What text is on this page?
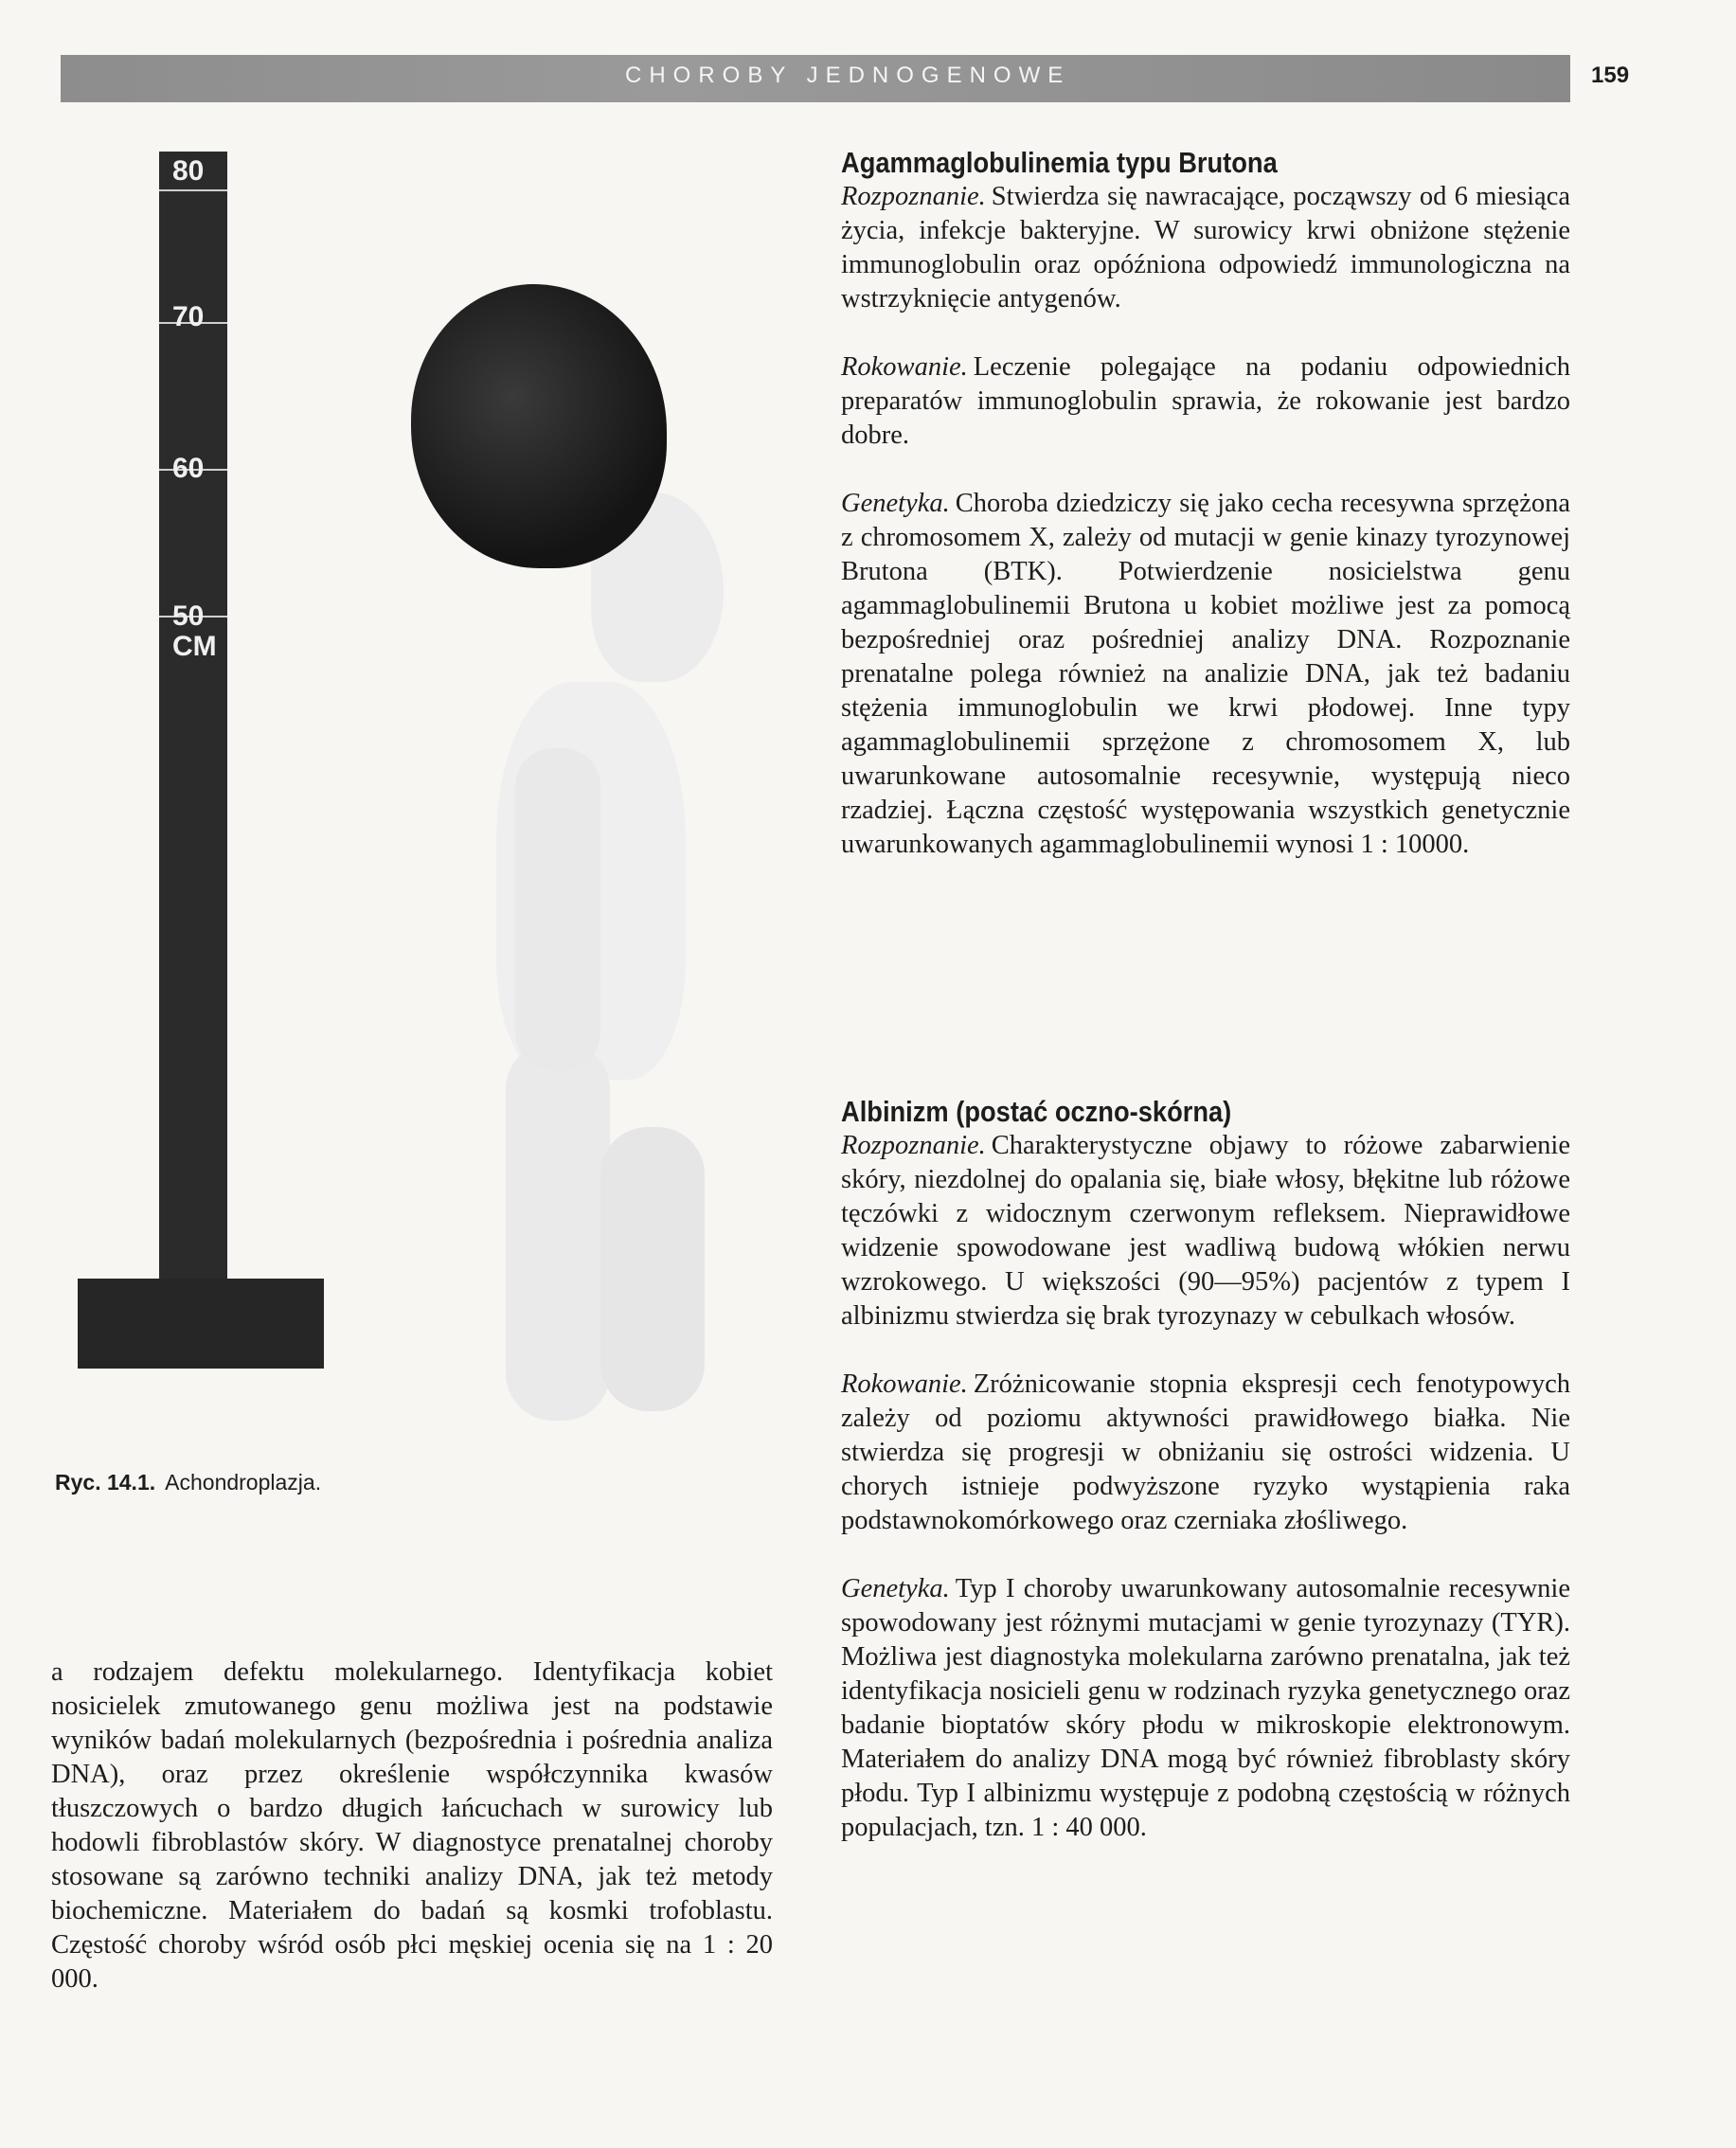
CHOROBY JEDNOGENOWE	159
80
70
60
50
CM
Ryc. 14.1. Achondroplazja.
a rodzajem defektu molekularnego. Identyfikacja kobiet nosicielek zmutowanego genu możliwa jest na podstawie wyników badań molekularnych (bezpośrednia i pośrednia analiza DNA), oraz przez określenie współczynnika kwasów tłuszczowych o bardzo długich łańcuchach w surowicy lub hodowli fibroblastów skóry. W diagnostyce prenatalnej choroby stosowane są zarówno techniki analizy DNA, jak też metody biochemiczne. Materiałem do badań są kosmki trofoblastu. Częstość choroby wśród osób płci męskiej ocenia się na 1 : 20 000.
Agammaglobulinemia typu Brutona

Rozpoznanie. Stwierdza się nawracające, począwszy od 6 miesiąca życia, infekcje bakteryjne. W surowicy krwi obniżone stężenie immunoglobulin oraz opóźniona odpowiedź immunologiczna na wstrzyknięcie antygenów.

Rokowanie. Leczenie polegające na podaniu odpowiednich preparatów immunoglobulin sprawia, że rokowanie jest bardzo dobre.

Genetyka. Choroba dziedziczy się jako cecha recesywna sprzężona z chromosomem X, zależy od mutacji w genie kinazy tyrozynowej Brutona (BTK). Potwierdzenie nosicielstwa genu agammaglobulinemii Brutona u kobiet możliwe jest za pomocą bezpośredniej oraz pośredniej analizy DNA. Rozpoznanie prenatalne polega również na analizie DNA, jak też badaniu stężenia immunoglobulin we krwi płodowej. Inne typy agammaglobulinemii sprzężone z chromosomem X, lub uwarunkowane autosomalnie recesywnie, występują nieco rzadziej. Łączna częstość występowania wszystkich genetycznie uwarunkowanych agammaglobulinemii wynosi 1 : 10000.

Albinizm (postać oczno-skórna)

Rozpoznanie. Charakterystyczne objawy to różowe zabarwienie skóry, niezdolnej do opalania się, białe włosy, błękitne lub różowe tęczówki z widocznym czerwonym refleksem. Nieprawidłowe widzenie spowodowane jest wadliwą budową włókien nerwu wzrokowego. U większości (90—95%) pacjentów z typem I albinizmu stwierdza się brak tyrozynazy w cebulkach włosów.

Rokowanie. Zróżnicowanie stopnia ekspresji cech fenotypowych zależy od poziomu aktywności prawidłowego białka. Nie stwierdza się progresji w obniżaniu się ostrości widzenia. U chorych istnieje podwyższone ryzyko wystąpienia raka podstawnokomórkowego oraz czerniaka złośliwego.

Genetyka. Typ I choroby uwarunkowany autosomalnie recesywnie spowodowany jest różnymi mutacjami w genie tyrozynazy (TYR). Możliwa jest diagnostyka molekularna zarówno prenatalna, jak też identyfikacja nosicieli genu w rodzinach ryzyka genetycznego oraz badanie bioptatów skóry płodu w mikroskopie elektronowym. Materiałem do analizy DNA mogą być również fibroblasty skóry płodu. Typ I albinizmu występuje z podobną częstością w różnych populacjach, tzn. 1 : 40 000.
